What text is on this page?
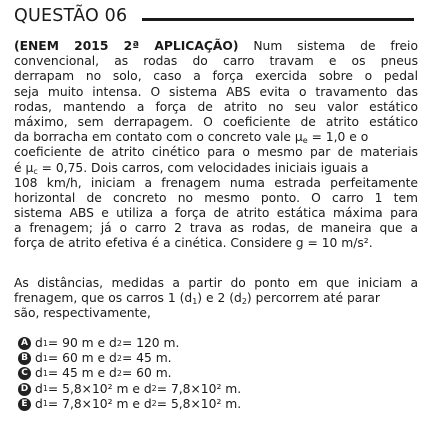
QUESTÃO 06
(ENEM 2015 2ª APLICAÇÃO) Num sistema de freio
convencional, as rodas do carro travam e os pneus
derrapam no solo, caso a força exercida sobre o pedal
seja muito intensa. O sistema ABS evita o travamento das
rodas, mantendo a força de atrito no seu valor estático
máximo, sem derrapagem. O coeficiente de atrito estático
da borracha em contato com o concreto vale $\mu_e = 1,0$ e o
coeficiente de atrito cinético para o mesmo par de materiais
é $\mu_c = 0,75$. Dois carros, com velocidades iniciais iguais a
108 km/h, iniciam a frenagem numa estrada perfeitamente
horizontal de concreto no mesmo ponto. O carro 1 tem
sistema ABS e utiliza a força de atrito estática máxima para
a frenagem; já o carro 2 trava as rodas, de maneira que a
força de atrito efetiva é a cinética. Considere g = 10 m/s².
As distâncias, medidas a partir do ponto em que iniciam a
frenagem, que os carros 1 $(d_1)$ e 2 $(d_2)$ percorrem até parar
são, respectivamente,
A d 1 = 90 m e d 2 = 120 m.
B d 1 = 60 m e d 2 = 45 m.
C d 1 = 45 m e d 2 = 60 m.
D d 1 = 5,8×10² m e d 2 = 7,8×10² m.
E d 1 = 7,8×10² m e d 2 = 5,8×10² m.
